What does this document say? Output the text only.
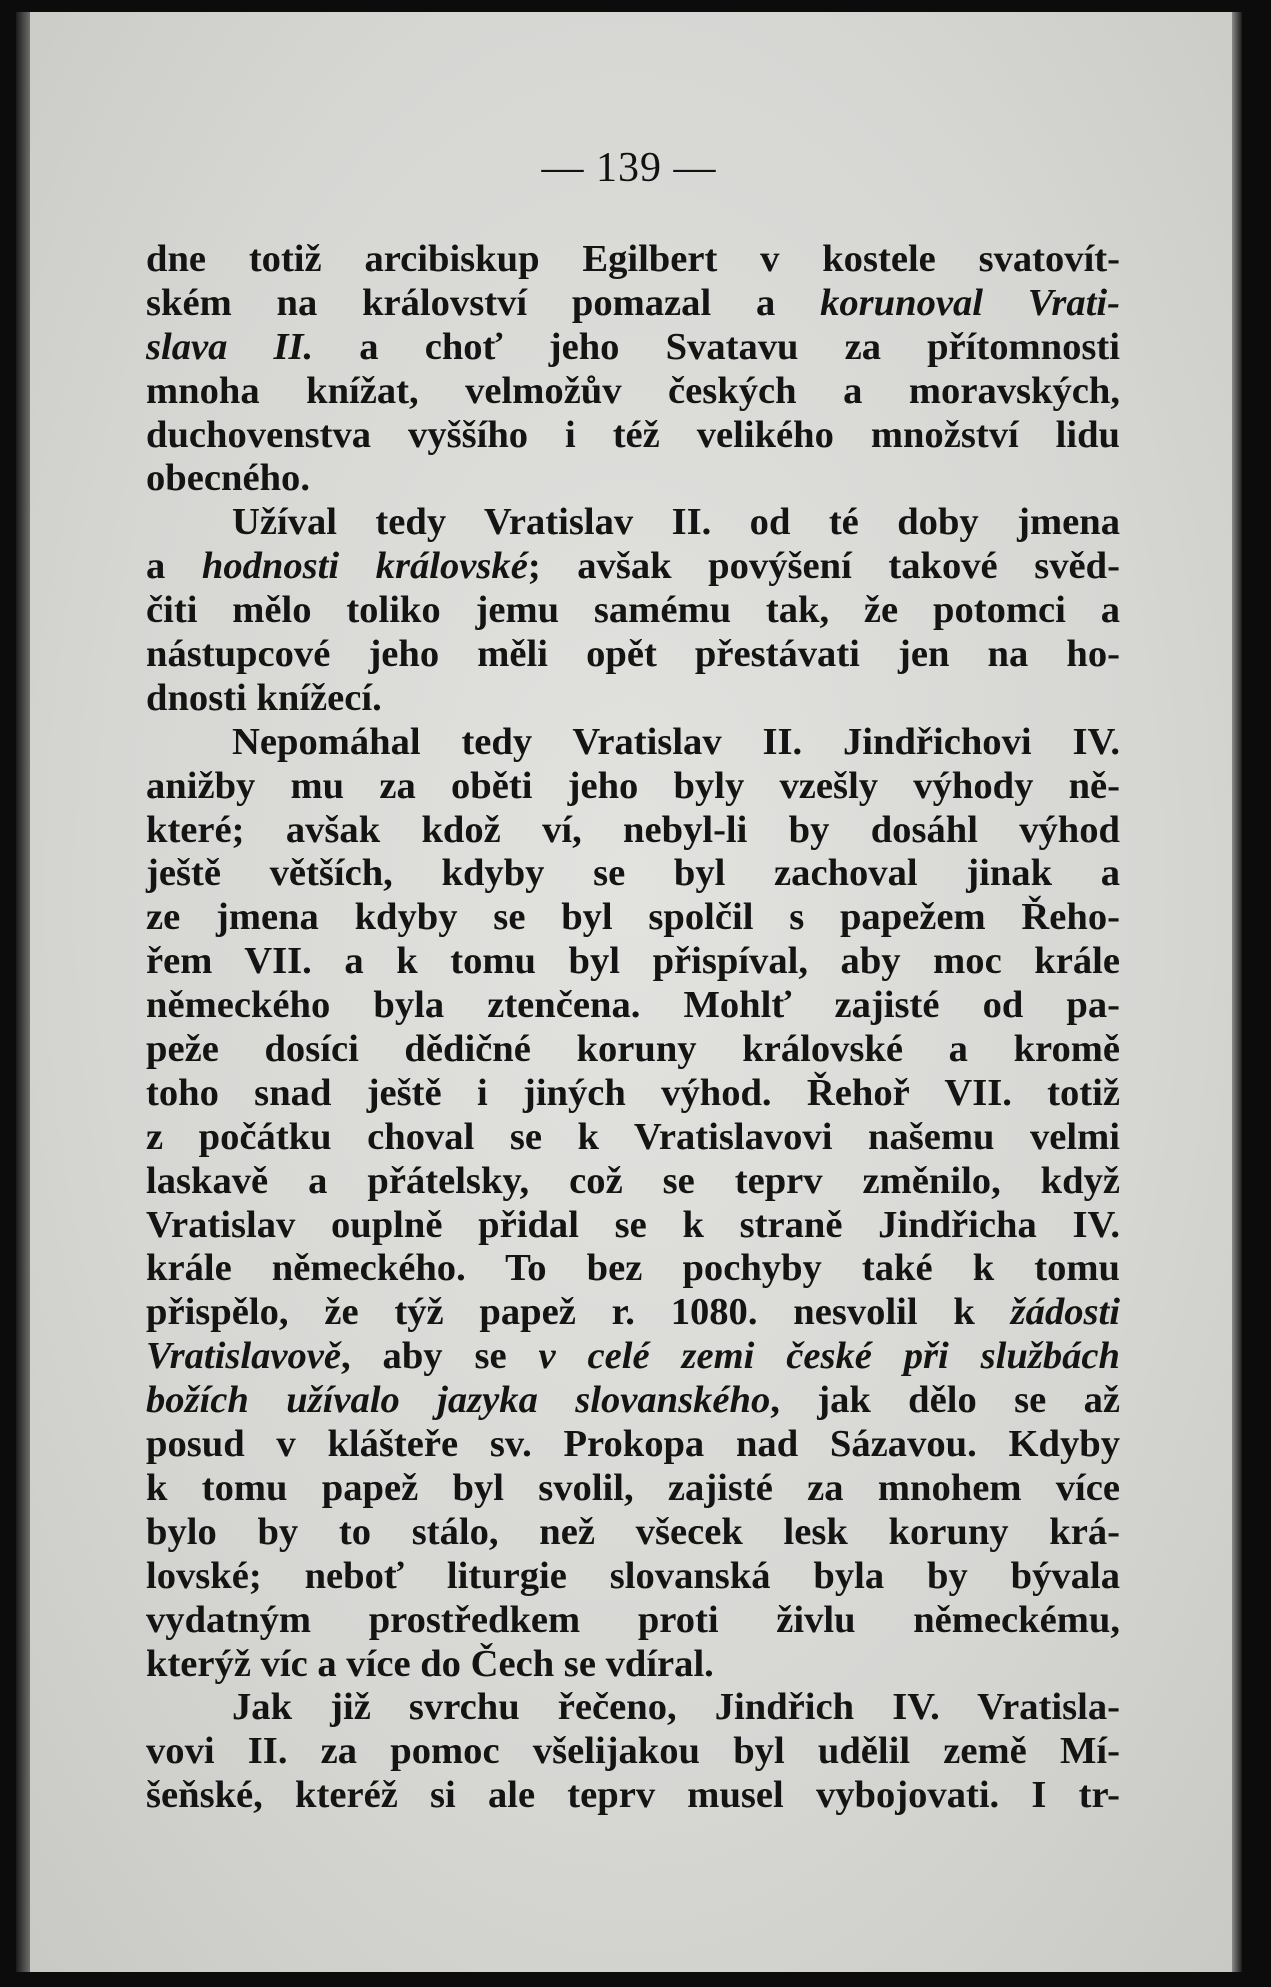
— 139 —
dne totiž arcibiskup Egilbert v kostele svatovít-
ském na království pomazal a korunoval Vrati-
slava II. a choť jeho Svatavu za přítomnosti
mnoha knížat, velmožův českých a moravských,
duchovenstva vyššího i též velikého množství lidu
obecného.
Užíval tedy Vratislav II. od té doby jmena
a hodnosti královské; avšak povýšení takové svěd-
čiti mělo toliko jemu samému tak, že potomci a
nástupcové jeho měli opět přestávati jen na ho-
dnosti knížecí.
Nepomáhal tedy Vratislav II. Jindřichovi IV.
anižby mu za oběti jeho byly vzešly výhody ně-
které; avšak kdož ví, nebyl-li by dosáhl výhod
ještě větších, kdyby se byl zachoval jinak a
ze jmena kdyby se byl spolčil s papežem Řeho-
řem VII. a k tomu byl přispíval, aby moc krále
německého byla ztenčena. Mohlť zajisté od pa-
peže dosíci dědičné koruny královské a kromě
toho snad ještě i jiných výhod. Řehoř VII. totiž
z počátku choval se k Vratislavovi našemu velmi
laskavě a přátelsky, což se teprv změnilo, když
Vratislav ouplně přidal se k straně Jindřicha IV.
krále německého. To bez pochyby také k tomu
přispělo, že týž papež r. 1080. nesvolil k žádosti
Vratislavově, aby se v celé zemi české při službách
božích užívalo jazyka slovanského, jak dělo se až
posud v klášteře sv. Prokopa nad Sázavou. Kdyby
k tomu papež byl svolil, zajisté za mnohem více
bylo by to stálo, než všecek lesk koruny krá-
lovské; neboť liturgie slovanská byla by bývala
vydatným prostředkem proti živlu německému,
kterýž víc a více do Čech se vdíral.
Jak již svrchu řečeno, Jindřich IV. Vratisla-
vovi II. za pomoc všelijakou byl udělil země Mí-
šeňské, kteréž si ale teprv musel vybojovati. I tr-
